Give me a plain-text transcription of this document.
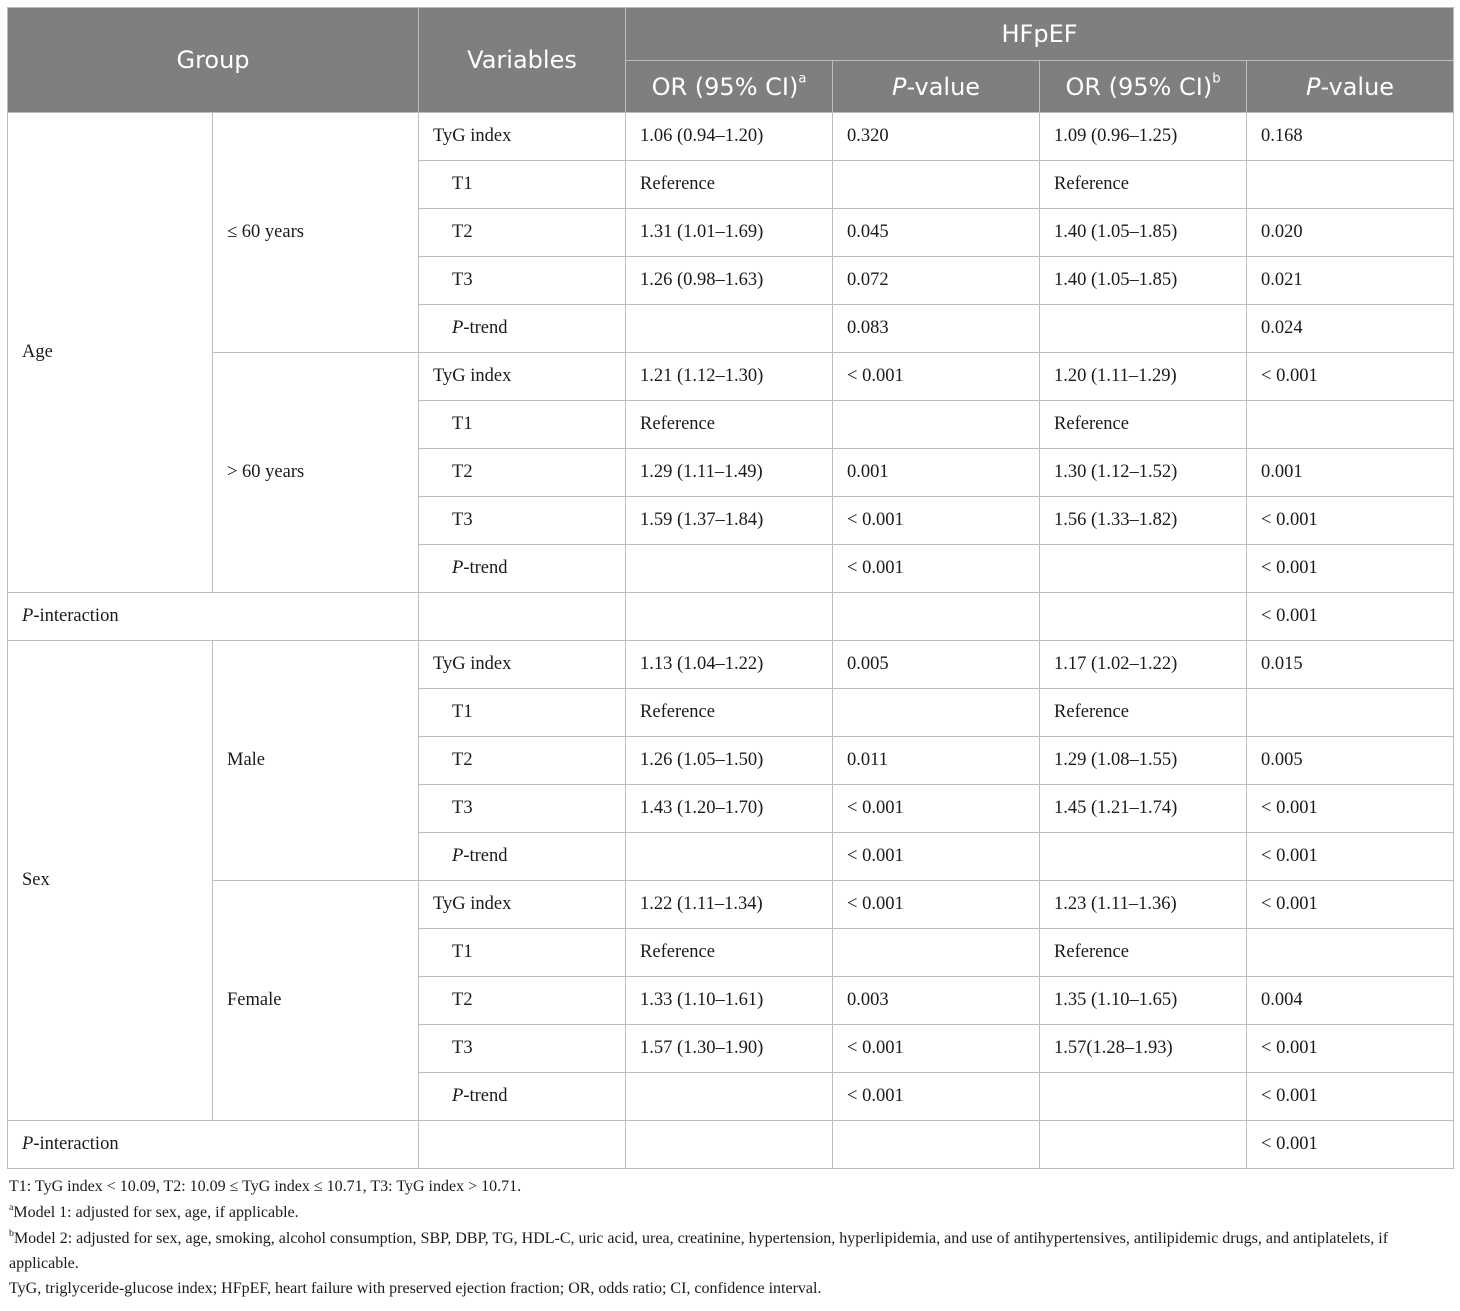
Group		Variables	HFpEF			
			OR (95% CI)$^a$	P-value	OR (95% CI)$^b$	P-value
Age	≤ 60 years	TyG index	1.06 (0.94–1.20)	0.320	1.09 (0.96–1.25)	0.168
		T1	Reference		Reference	
		T2	1.31 (1.01–1.69)	0.045	1.40 (1.05–1.85)	0.020
		T3	1.26 (0.98–1.63)	0.072	1.40 (1.05–1.85)	0.021
		P-trend		0.083		0.024
	> 60 years	TyG index	1.21 (1.12–1.30)	< 0.001	1.20 (1.11–1.29)	< 0.001
		T1	Reference		Reference	
		T2	1.29 (1.11–1.49)	0.001	1.30 (1.12–1.52)	0.001
		T3	1.59 (1.37–1.84)	< 0.001	1.56 (1.33–1.82)	< 0.001
		P-trend		< 0.001		< 0.001
P-interaction						< 0.001
Sex	Male	TyG index	1.13 (1.04–1.22)	0.005	1.17 (1.02–1.22)	0.015
		T1	Reference		Reference	
		T2	1.26 (1.05–1.50)	0.011	1.29 (1.08–1.55)	0.005
		T3	1.43 (1.20–1.70)	< 0.001	1.45 (1.21–1.74)	< 0.001
		P-trend		< 0.001		< 0.001
	Female	TyG index	1.22 (1.11–1.34)	< 0.001	1.23 (1.11–1.36)	< 0.001
		T1	Reference		Reference	
		T2	1.33 (1.10–1.61)	0.003	1.35 (1.10–1.65)	0.004
		T3	1.57 (1.30–1.90)	< 0.001	1.57(1.28–1.93)	< 0.001
		P-trend		< 0.001		< 0.001
P-interaction						< 0.001

T1: TyG index < 10.09, T2: 10.09 ≤ TyG index ≤ 10.71, T3: TyG index > 10.71.

$^a$Model 1: adjusted for sex, age, if applicable.

$^b$Model 2: adjusted for sex, age, smoking, alcohol consumption, SBP, DBP, TG, HDL-C, uric acid, urea, creatinine, hypertension, hyperlipidemia, and use of antihypertensives, antilipidemic drugs, and antiplatelets, if applicable.

TyG, triglyceride-glucose index; HFpEF, heart failure with preserved ejection fraction; OR, odds ratio; CI, confidence interval.
